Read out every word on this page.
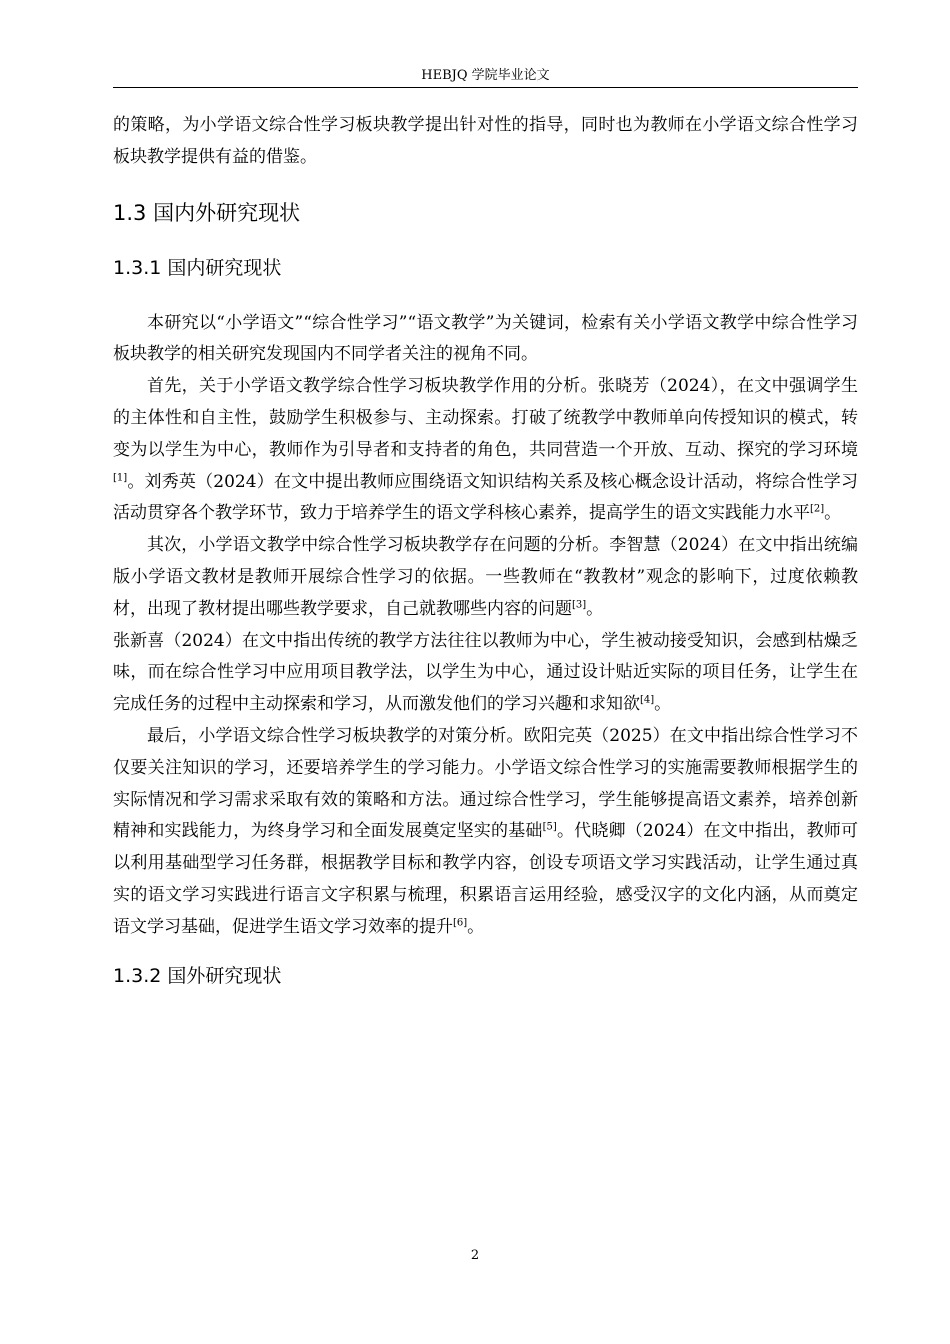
HEBJQ 学院毕业论文

的策略，为小学语文综合性学习板块教学提出针对性的指导，同时也为教师在小学语文综合性学习板块教学提供有益的借鉴。

1.3 国内外研究现状
1.3.1 国内研究现状

本研究以“小学语文”“综合性学习”“语文教学”为关键词，检索有关小学语文教学中综合性学习板块教学的相关研究发现国内不同学者关注的视角不同。

首先，关于小学语文教学综合性学习板块教学作用的分析。张晓芳（2024），在文中强调学生的主体性和自主性，鼓励学生积极参与、主动探索。打破了统教学中教师单向传授知识的模式，转变为以学生为中心，教师作为引导者和支持者的角色，共同营造一个开放、互动、探究的学习环境[1]。刘秀英（2024）在文中提出教师应围绕语文知识结构关系及核心概念设计活动，将综合性学习活动贯穿各个教学环节，致力于培养学生的语文学科核心素养，提高学生的语文实践能力水平[2]。

其次，小学语文教学中综合性学习板块教学存在问题的分析。李智慧（2024）在文中指出统编版小学语文教材是教师开展综合性学习的依据。一些教师在“教教材”观念的影响下，过度依赖教材，出现了教材提出哪些教学要求，自己就教哪些内容的问题[3]。

张新喜（2024）在文中指出传统的教学方法往往以教师为中心，学生被动接受知识，会感到枯燥乏味，而在综合性学习中应用项目教学法，以学生为中心，通过设计贴近实际的项目任务，让学生在完成任务的过程中主动探索和学习，从而激发他们的学习兴趣和求知欲[4]。

最后，小学语文综合性学习板块教学的对策分析。欧阳完英（2025）在文中指出综合性学习不仅要关注知识的学习，还要培养学生的学习能力。小学语文综合性学习的实施需要教师根据学生的实际情况和学习需求采取有效的策略和方法。通过综合性学习，学生能够提高语文素养，培养创新精神和实践能力，为终身学习和全面发展奠定坚实的基础[5]。代晓卿（2024）在文中指出，教师可以利用基础型学习任务群，根据教学目标和教学内容，创设专项语文学习实践活动，让学生通过真实的语文学习实践进行语言文字积累与梳理，积累语言运用经验，感受汉字的文化内涵，从而奠定语文学习基础，促进学生语文学习效率的提升[6]。

1.3.2 国外研究现状
2
